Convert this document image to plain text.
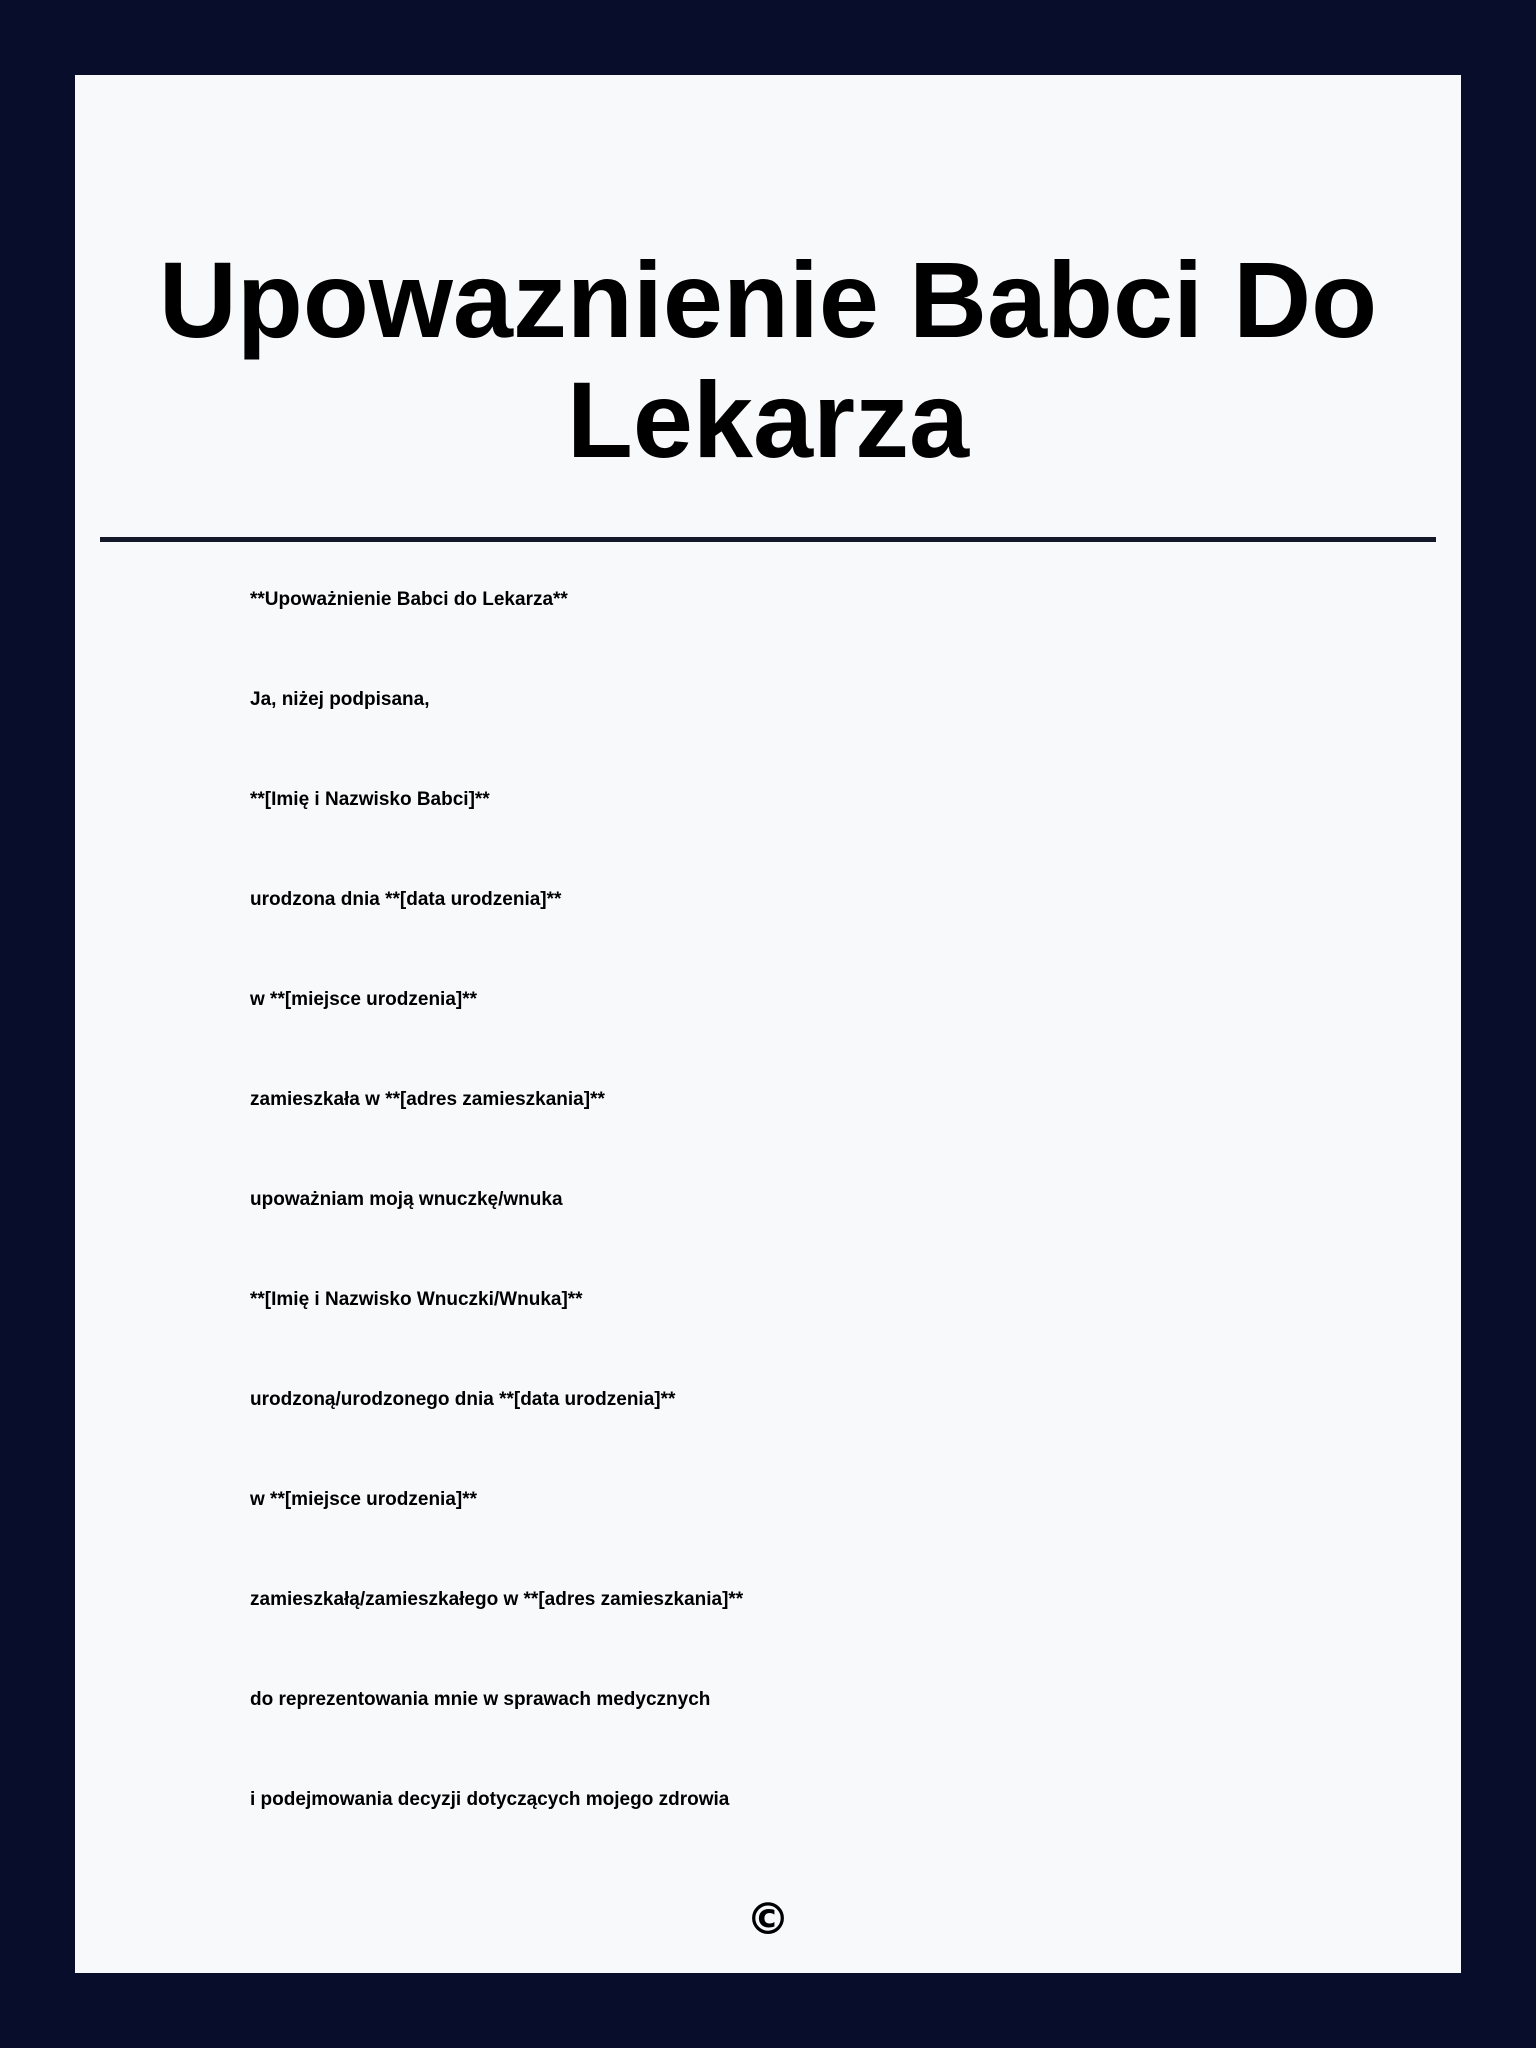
Upowaznienie Babci Do Lekarza
**Upoważnienie Babci do Lekarza**
Ja, niżej podpisana,
**[Imię i Nazwisko Babci]**
urodzona dnia **[data urodzenia]**
w **[miejsce urodzenia]**
zamieszkała w **[adres zamieszkania]**
upoważniam moją wnuczkę/wnuka
**[Imię i Nazwisko Wnuczki/Wnuka]**
urodzoną/urodzonego dnia **[data urodzenia]**
w **[miejsce urodzenia]**
zamieszkałą/zamieszkałego w **[adres zamieszkania]**
do reprezentowania mnie w sprawach medycznych
i podejmowania decyzji dotyczących mojego zdrowia
©
